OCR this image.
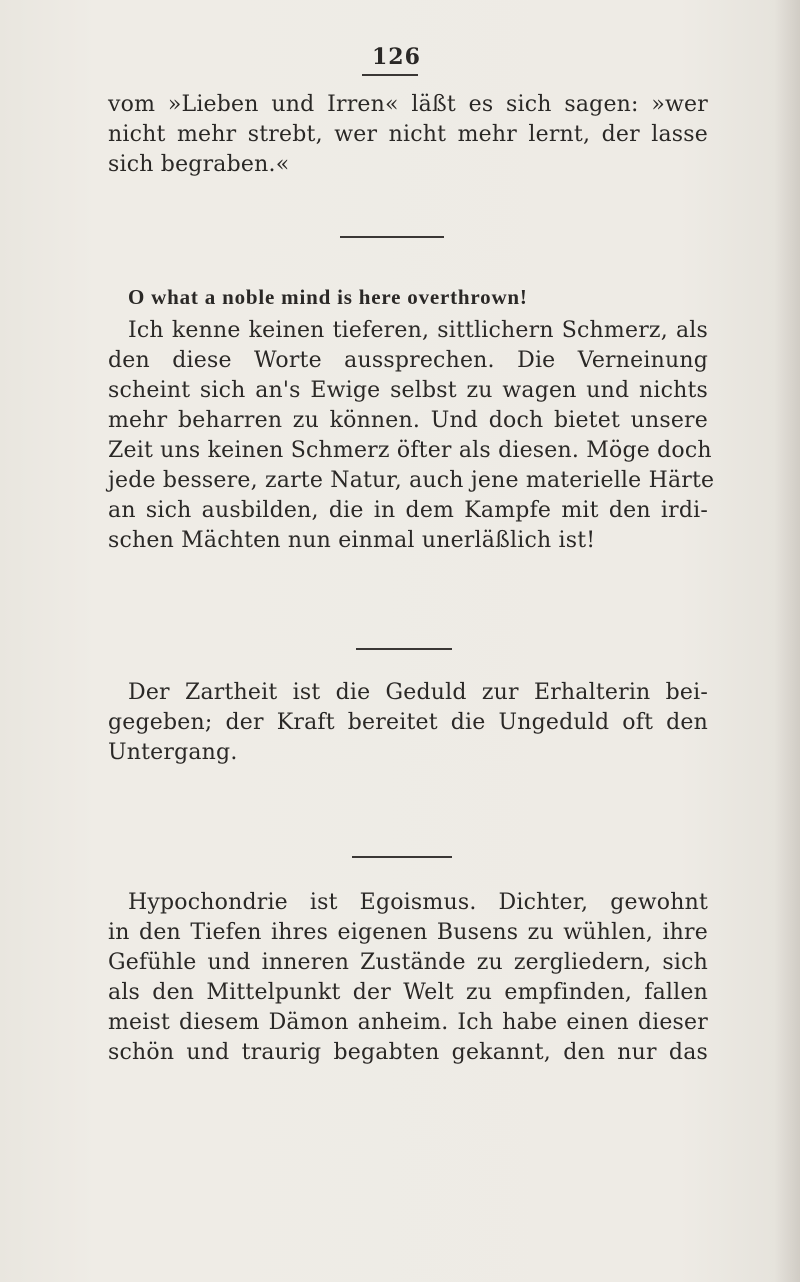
126
vom »Lieben und Irren« läßt es sich sagen: »wer
nicht mehr strebt, wer nicht mehr lernt, der lasse
sich begraben.«
O what a noble mind is here overthrown!
Ich kenne keinen tieferen, sittlichern Schmerz, als
den diese Worte aussprechen. Die Verneinung
scheint sich an's Ewige selbst zu wagen und nichts
mehr beharren zu können. Und doch bietet unsere
Zeit uns keinen Schmerz öfter als diesen. Möge doch
jede bessere, zarte Natur, auch jene materielle Härte
an sich ausbilden, die in dem Kampfe mit den irdi-
schen Mächten nun einmal unerläßlich ist!
Der Zartheit ist die Geduld zur Erhalterin bei-
gegeben; der Kraft bereitet die Ungeduld oft den
Untergang.
Hypochondrie ist Egoismus. Dichter, gewohnt
in den Tiefen ihres eigenen Busens zu wühlen, ihre
Gefühle und inneren Zustände zu zergliedern, sich
als den Mittelpunkt der Welt zu empfinden, fallen
meist diesem Dämon anheim. Ich habe einen dieser
schön und traurig begabten gekannt, den nur das
